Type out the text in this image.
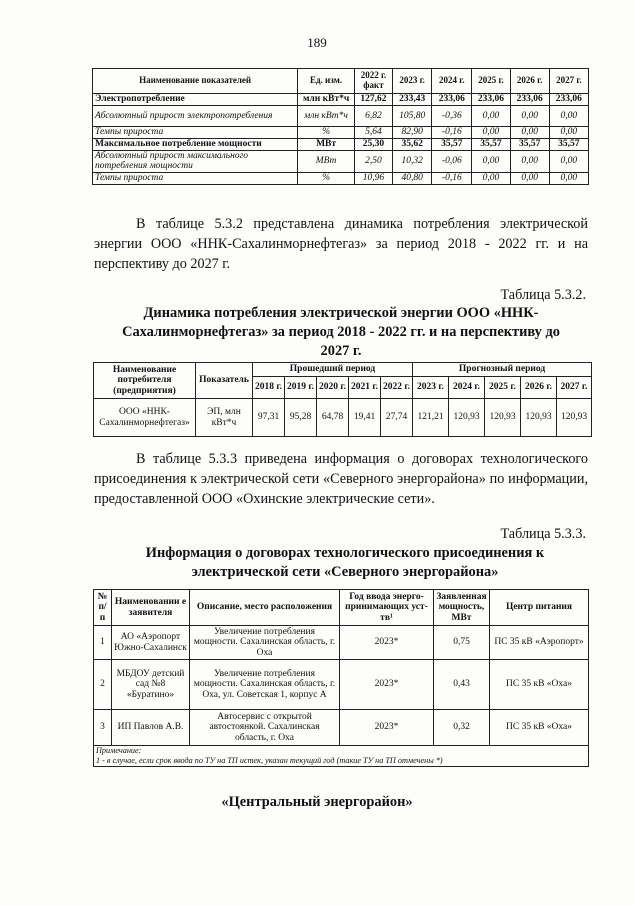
189
Наименование показателей	Ед. изм.	2022 г. факт	2023 г.	2024 г.	2025 г.	2026 г.	2027 г.
Электропотребление	млн кВт*ч	127,62	233,43	233,06	233,06	233,06	233,06
Абсолютный прирост электропотребления	млн кВт*ч	6,82	105,80	-0,36	0,00	0,00	0,00
Темпы прироста	%	5,64	82,90	-0,16	0,00	0,00	0,00
Максимальное потребление мощности	МВт	25,30	35,62	35,57	35,57	35,57	35,57
Абсолютный прирост максимального потребления мощности	МВт	2,50	10,32	-0,06	0,00	0,00	0,00
Темпы прироста	%	10,96	40,80	-0,16	0,00	0,00	0,00
В таблице 5.3.2 представлена динамика потребления электрической энергии ООО «ННК-Сахалинморнефтегаз» за период 2018 - 2022 гг. и на перспективу до 2027 г.
Таблица 5.3.2.
Динамика потребления электрической энергии ООО «ННК-Сахалинморнефтегаз» за период 2018 - 2022 гг. и на перспективу до 2027 г.
Наименование потребителя (предприятия)	Показатель	Прошедший период					Прогнозный период				
		2018 г.	2019 г.	2020 г.	2021 г.	2022 г.	2023 г.	2024 г.	2025 г.	2026 г.	2027 г.
ООО «ННК-Сахалинморнефтегаз»	ЭП, млн кВт*ч	97,31	95,28	64,78	19,41	27,74	121,21	120,93	120,93	120,93	120,93
В таблице 5.3.3 приведена информация о договорах технологического присоединения к электрической сети «Северного энергорайона» по информации, предоставленной ООО «Охинские электрические сети».
Таблица 5.3.3.
Информация о договорах технологического присоединения к электрической сети «Северного энергорайона»
№ п/п	Наименовании е заявителя	Описание, место расположения	Год ввода энерго-принимающих уст-тв¹	Заявленная мощность, МВт	Центр питания
1	АО «Аэропорт Южно-Сахалинск	Увеличение потребления мощности. Сахалинская область, г. Оха	2023*	0,75	ПС 35 кВ «Аэропорт»
2	МБДОУ детский сад №8 «Буратино»	Увеличение потребления мощности. Сахалинская область, г. Оха, ул. Советская 1, корпус А	2023*	0,43	ПС 35 кВ «Оха»
3	ИП Павлов А.В.	Автосервис с открытой автостоянкой. Сахалинская область, г. Оха	2023*	0,32	ПС 35 кВ «Оха»

Примечание:
1 - в случае, если срок ввода по ТУ на ТП истек, указан текущий год (такие ТУ на ТП отмечены *)					
«Центральный энергорайон»
